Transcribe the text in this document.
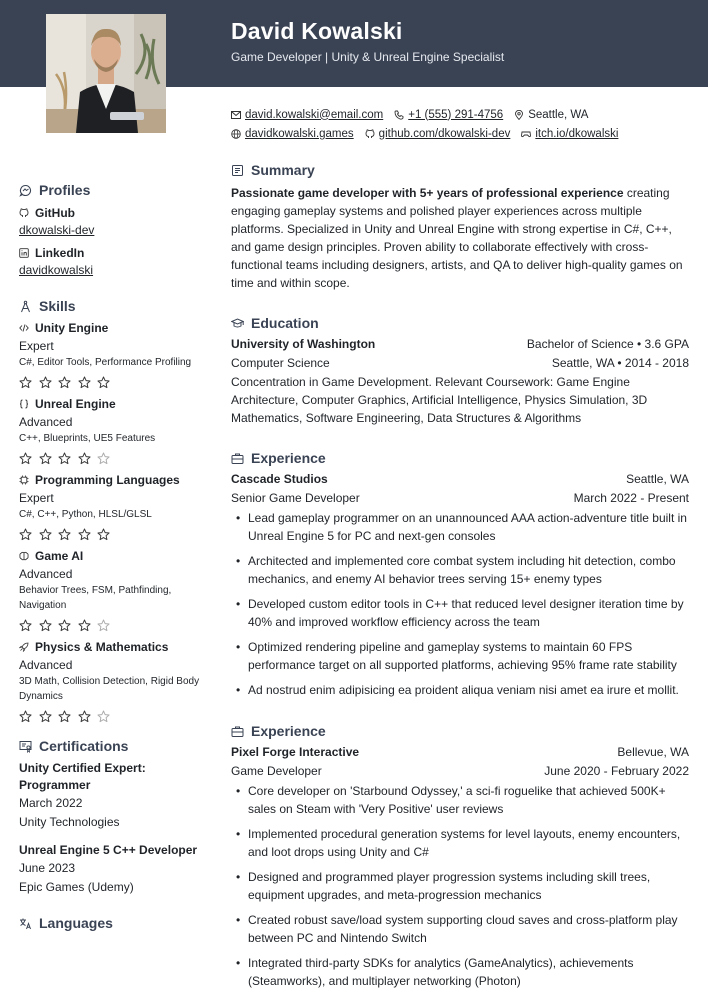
David Kowalski
Game Developer | Unity & Unreal Engine Specialist
david.kowalski@email.com +1 (555) 291-4756 Seattle, WA
davidkowalski.games github.com/dkowalski-dev itch.io/dkowalski
Profiles
GitHub
dkowalski-dev
LinkedIn
davidkowalski
Skills
Unity Engine
Expert
C#, Editor Tools, Performance Profiling
Unreal Engine
Advanced
C++, Blueprints, UE5 Features
Programming Languages
Expert
C#, C++, Python, HLSL/GLSL
Game AI
Advanced
Behavior Trees, FSM, Pathfinding, Navigation
Physics & Mathematics
Advanced
3D Math, Collision Detection, Rigid Body Dynamics
Certifications
Unity Certified Expert: Programmer
March 2022
Unity Technologies
Unreal Engine 5 C++ Developer
June 2023
Epic Games (Udemy)
Languages
Summary

Passionate game developer with 5+ years of professional experience creating engaging gameplay systems and polished player experiences across multiple platforms. Specialized in Unity and Unreal Engine with strong expertise in C#, C++, and game design principles. Proven ability to collaborate effectively with cross-functional teams including designers, artists, and QA to deliver high-quality games on time and within scope.

Education
University of Washington	Bachelor of Science • 3.6 GPA
Computer Science	Seattle, WA • 2014 - 2018

Concentration in Game Development. Relevant Coursework: Game Engine Architecture, Computer Graphics, Artificial Intelligence, Physics Simulation, 3D Mathematics, Software Engineering, Data Structures & Algorithms

Experience
Cascade Studios	Seattle, WA
Senior Game Developer	March 2022 - Present
• Lead gameplay programmer on an unannounced AAA action-adventure title built in Unreal Engine 5 for PC and next-gen consoles
• Architected and implemented core combat system including hit detection, combo mechanics, and enemy AI behavior trees serving 15+ enemy types
• Developed custom editor tools in C++ that reduced level designer iteration time by 40% and improved workflow efficiency across the team
• Optimized rendering pipeline and gameplay systems to maintain 60 FPS performance target on all supported platforms, achieving 95% frame rate stability
• Ad nostrud enim adipisicing ea proident aliqua veniam nisi amet ea irure et mollit.
Experience
Pixel Forge Interactive	Bellevue, WA
Game Developer	June 2020 - February 2022
• Core developer on 'Starbound Odyssey,' a sci-fi roguelike that achieved 500K+ sales on Steam with 'Very Positive' user reviews
• Implemented procedural generation systems for level layouts, enemy encounters, and loot drops using Unity and C#
• Designed and programmed player progression systems including skill trees, equipment upgrades, and meta-progression mechanics
• Created robust save/load system supporting cloud saves and cross-platform play between PC and Nintendo Switch
• Integrated third-party SDKs for analytics (GameAnalytics), achievements (Steamworks), and multiplayer networking (Photon)
